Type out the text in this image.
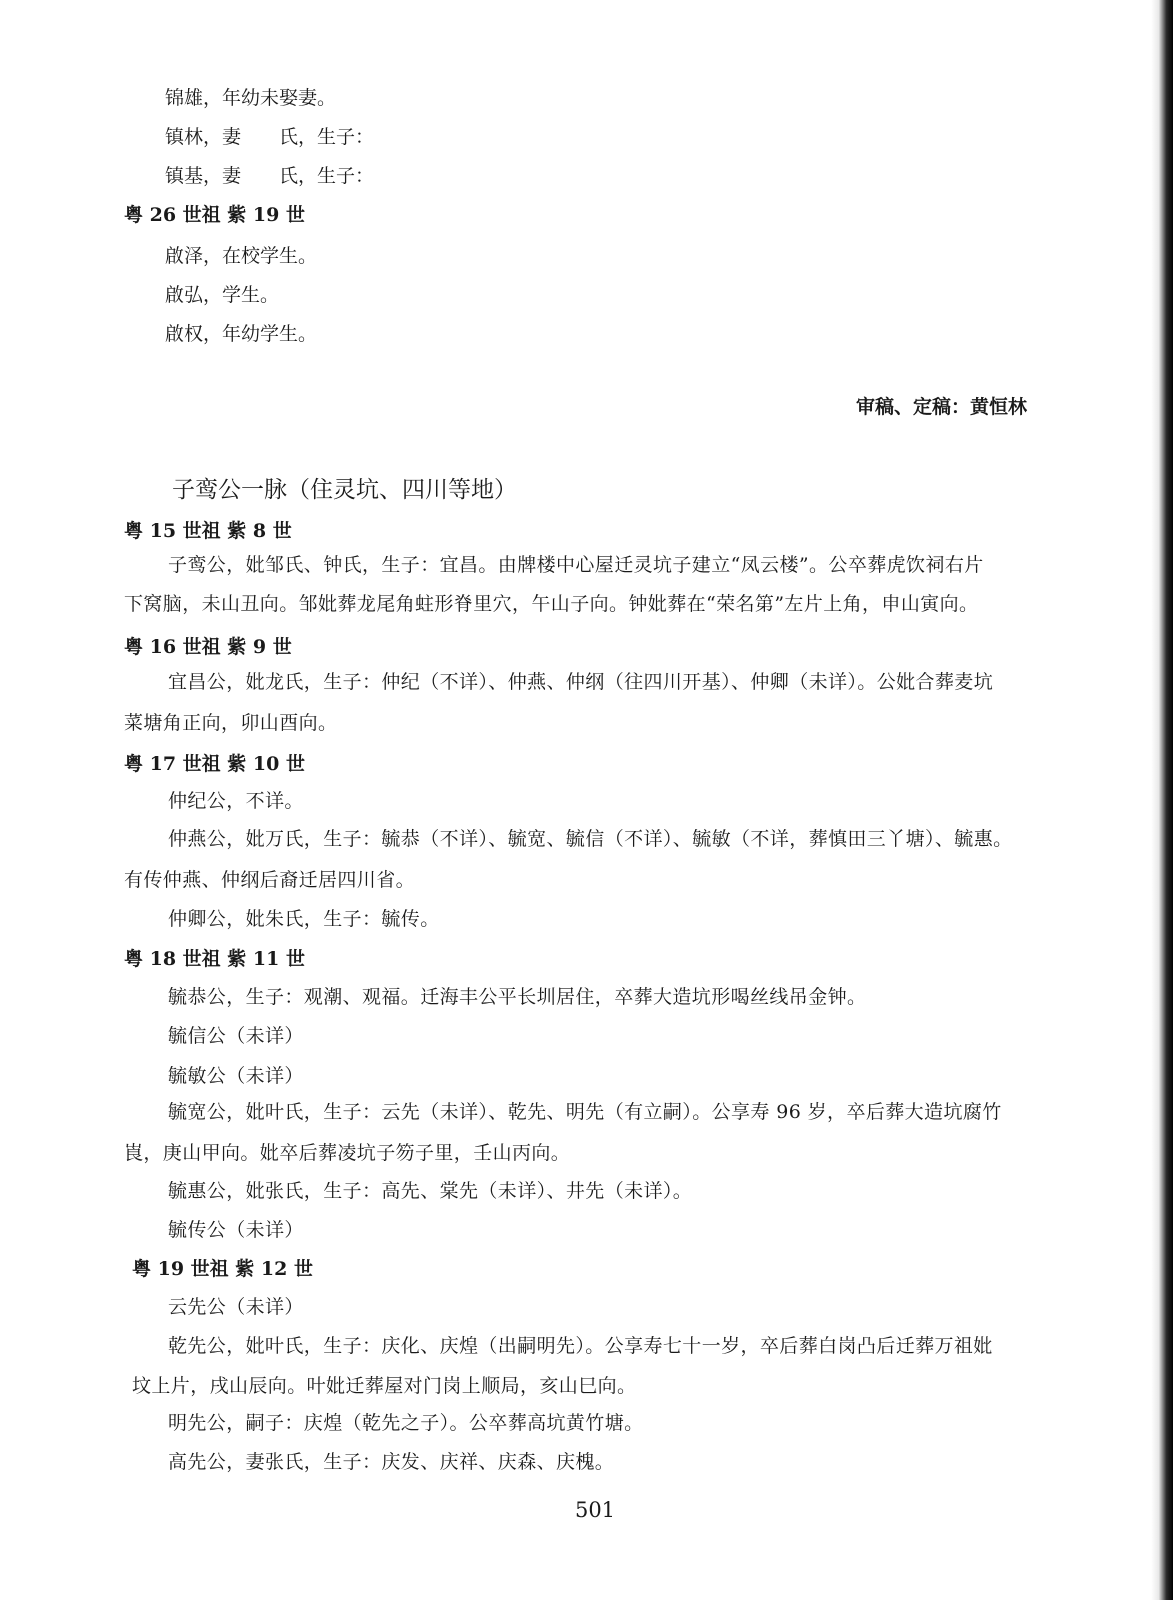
锦雄，年幼未娶妻。
镇林，妻　　氏，生子：
镇基，妻　　氏，生子：
粤 26 世祖 紫 19 世
啟泽，在校学生。
啟弘，学生。
啟权，年幼学生。
审稿、定稿：黄恒林
子鸾公一脉（住灵坑、四川等地）
粤 15 世祖 紫 8 世
子鸾公，妣邹氏、钟氏，生子：宜昌。由牌楼中心屋迁灵坑子建立“凤云楼”。公卒葬虎饮祠右片
下窝脑，未山丑向。邹妣葬龙尾角蛀形脊里穴，午山子向。钟妣葬在“荣名第”左片上角，申山寅向。
粤 16 世祖 紫 9 世
宜昌公，妣龙氏，生子：仲纪（不详）、仲燕、仲纲（往四川开基）、仲卿（未详）。公妣合葬麦坑
菜塘角正向，卯山酉向。
粤 17 世祖 紫 10 世
仲纪公，不详。
仲燕公，妣万氏，生子：毓恭（不详）、毓宽、毓信（不详）、毓敏（不详，葬慎田三丫塘）、毓惠。
有传仲燕、仲纲后裔迁居四川省。
仲卿公，妣朱氏，生子：毓传。
粤 18 世祖 紫 11 世
毓恭公，生子：观潮、观福。迁海丰公平长圳居住，卒葬大造坑形喝丝线吊金钟。
毓信公（未详）
毓敏公（未详）
毓宽公，妣叶氏，生子：云先（未详）、乾先、明先（有立嗣）。公享寿 96 岁，卒后葬大造坑腐竹
崀，庚山甲向。妣卒后葬凌坑子笏子里，壬山丙向。
毓惠公，妣张氏，生子：高先、棠先（未详）、井先（未详）。
毓传公（未详）
粤 19 世祖 紫 12 世
云先公（未详）
乾先公，妣叶氏，生子：庆化、庆煌（出嗣明先）。公享寿七十一岁，卒后葬白岗凸后迁葬万祖妣
坟上片，戌山辰向。叶妣迁葬屋对门岗上顺局，亥山巳向。
明先公，嗣子：庆煌（乾先之子）。公卒葬高坑黄竹塘。
高先公，妻张氏，生子：庆发、庆祥、庆森、庆槐。
501
